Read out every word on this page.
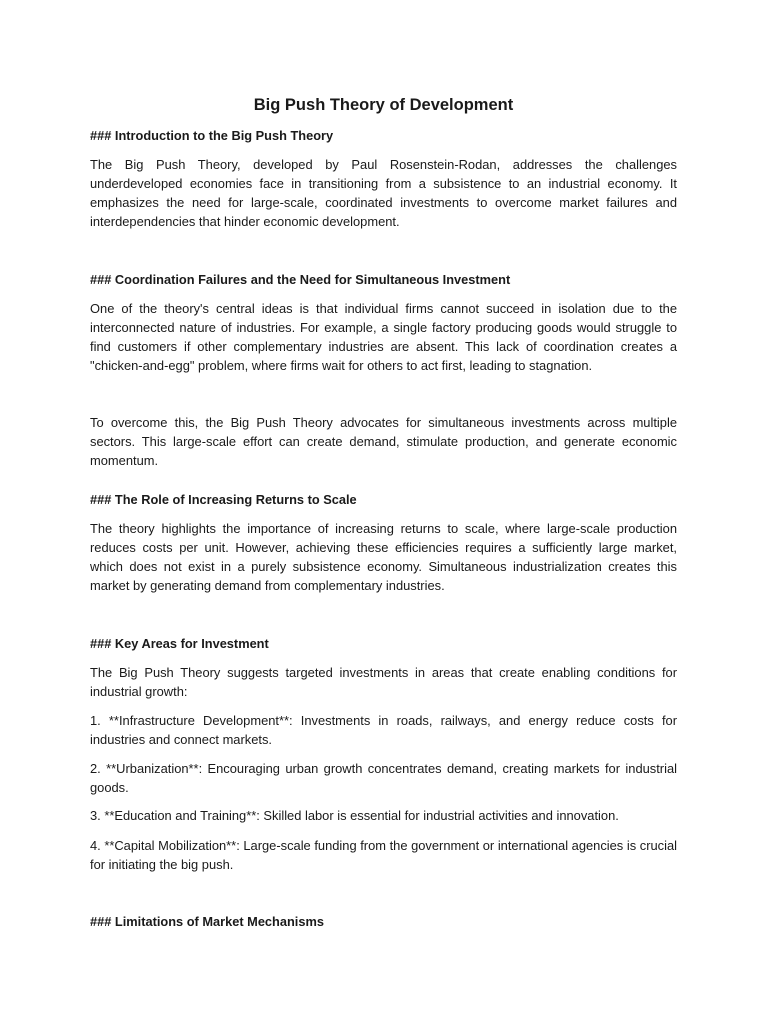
Big Push Theory of Development
### Introduction to the Big Push Theory

The Big Push Theory, developed by Paul Rosenstein-Rodan, addresses the challenges underdeveloped economies face in transitioning from a subsistence to an industrial economy. It emphasizes the need for large-scale, coordinated investments to overcome market failures and interdependencies that hinder economic development.

### Coordination Failures and the Need for Simultaneous Investment

One of the theory's central ideas is that individual firms cannot succeed in isolation due to the interconnected nature of industries. For example, a single factory producing goods would struggle to find customers if other complementary industries are absent. This lack of coordination creates a "chicken-and-egg" problem, where firms wait for others to act first, leading to stagnation.

To overcome this, the Big Push Theory advocates for simultaneous investments across multiple sectors. This large-scale effort can create demand, stimulate production, and generate economic momentum.

### The Role of Increasing Returns to Scale

The theory highlights the importance of increasing returns to scale, where large-scale production reduces costs per unit. However, achieving these efficiencies requires a sufficiently large market, which does not exist in a purely subsistence economy. Simultaneous industrialization creates this market by generating demand from complementary industries.

### Key Areas for Investment

The Big Push Theory suggests targeted investments in areas that create enabling conditions for industrial growth:

1. **Infrastructure Development**: Investments in roads, railways, and energy reduce costs for industries and connect markets.

2. **Urbanization**: Encouraging urban growth concentrates demand, creating markets for industrial goods.

3. **Education and Training**: Skilled labor is essential for industrial activities and innovation.

4. **Capital Mobilization**: Large-scale funding from the government or international agencies is crucial for initiating the big push.

### Limitations of Market Mechanisms
